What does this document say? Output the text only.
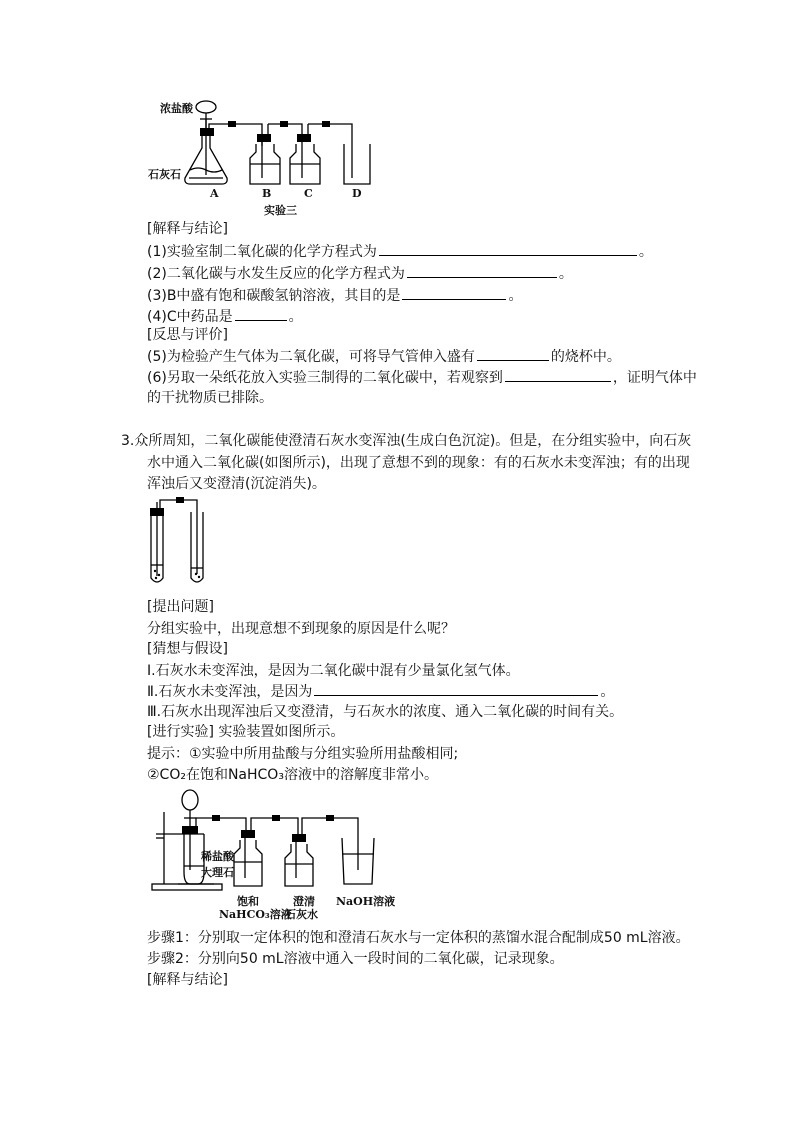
浓盐酸
石灰石
A	B	C	D
实验三
[解释与结论]
(1)实验室制二氧化碳的化学方程式为	。
(2)二氧化碳与水发生反应的化学方程式为	。
(3)B中盛有饱和碳酸氢钠溶液，其目的是	。
(4)C中药品是	。
[反思与评价]
(5)为检验产生气体为二氧化碳，可将导气管伸入盛有	的烧杯中。
(6)另取一朵纸花放入实验三制得的二氧化碳中，若观察到	，证明气体中
的干扰物质已排除。
3.众所周知，二氧化碳能使澄清石灰水变浑浊(生成白色沉淀)。但是，在分组实验中，向石灰
水中通入二氧化碳(如图所示)，出现了意想不到的现象：有的石灰水未变浑浊；有的出现
浑浊后又变澄清(沉淀消失)。
[提出问题]
分组实验中，出现意想不到现象的原因是什么呢？
[猜想与假设]
Ⅰ.石灰水未变浑浊，是因为二氧化碳中混有少量氯化氢气体。
Ⅱ.石灰水未变浑浊，是因为	。
Ⅲ.石灰水出现浑浊后又变澄清，与石灰水的浓度、通入二氧化碳的时间有关。
[进行实验] 实验装置如图所示。
提示：①实验中所用盐酸与分组实验所用盐酸相同;
②CO₂在饱和NaHCO₃溶液中的溶解度非常小。
稀盐酸
大理石
饱和
NaHCO₃溶液
澄清
石灰水
NaOH溶液
步骤1：分别取一定体积的饱和澄清石灰水与一定体积的蒸馏水混合配制成50 mL溶液。
步骤2：分别向50 mL溶液中通入一段时间的二氧化碳，记录现象。
[解释与结论]
